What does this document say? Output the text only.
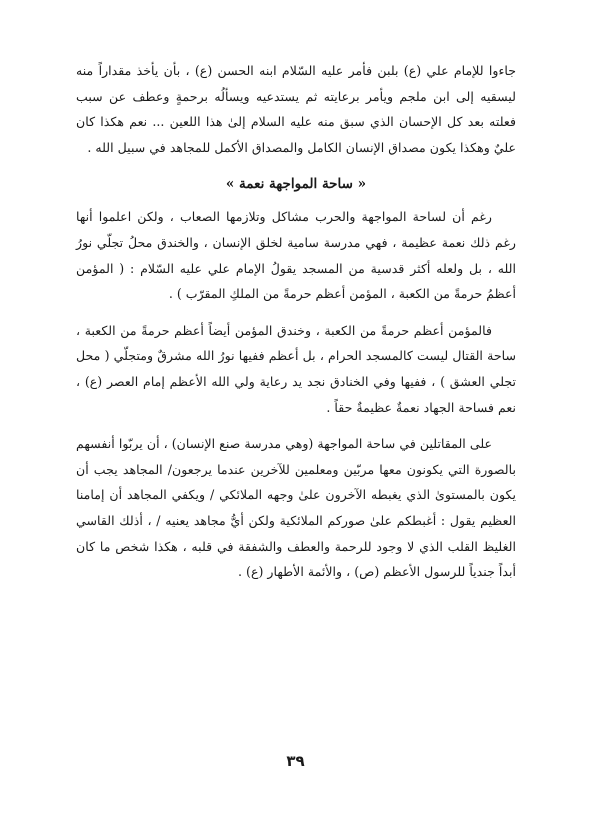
جاءوا للإمام علي (ع) بلبن فأمر عليه السّلام ابنه الحسن (ع) ، بأن يأخذ مقداراً منه ليسقيه إلى ابن ملجم ويأمر برعايته ثم يستدعيه ويسألُه برحمةٍ وعطف عن سبب فعلته بعد كل الإحسان الذي سبق منه عليه السلام إلىٰ هذا اللعين ... نعم هكذا كان عليٌ وهكذا يكون مصداق الإنسان الكامل والمصداق الأكمل للمجاهد في سبيل الله .

« ساحة المواجهة نعمة »

رغم أن لساحة المواجهة والحرب مشاكل وتلازمها الصعاب ، ولكن اعلموا أنها رغم ذلك نعمة عظيمة ، فهي مدرسة سامية لخلق الإنسان ، والخندق محلُ تجلّي نورُ الله ، بل ولعله أكثر قدسية من المسجد يقولُ الإمام علي عليه السّلام : ( المؤمن أعظمُ حرمةً من الكعبة ، المؤمن أعظم حرمةً من الملكِ المقرّب ) .

فالمؤمن أعظم حرمةً من الكعبة ، وخندق المؤمن أيضاً أعظم حرمةً من الكعبة ، ساحة القتال ليست كالمسجد الحرام ، بل أعظم ففيها نورُ الله مشرقٌ ومتجلّي ( محل تجلي العشق ) ، ففيها وفي الخنادق نجد يد رعاية ولي الله الأعظم إمام العصر (ع) ، نعم فساحة الجهاد نعمةٌ عظيمةٌ حقاً .

على المقاتلين في ساحة المواجهة (وهي مدرسة صنع الإنسان) ، أن يربّوا أنفسهم بالصورة التي يكونون معها مربّين ومعلمين للآخرين عندما يرجعون/ المجاهد يجب أن يكون بالمستوىٰ الذي يغبطه الآخرون علىٰ وجهه الملائكي / ويكفي المجاهد أن إمامنا العظيم يقول : أغبطكم علىٰ صوركم الملائكية ولكن أيُّ مجاهد يعنيه / ، أذلك القاسي الغليظ القلب الذي لا وجود للرحمة والعطف والشفقة في قلبه ، هكذا شخص ما كان أبداً جندياً للرسول الأعظم (ص) ، والأئمة الأطهار (ع) .

٣٩
